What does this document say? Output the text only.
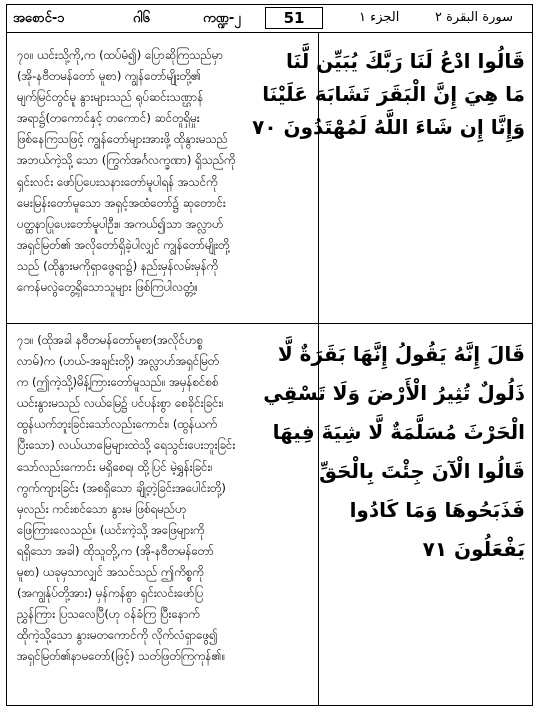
အစောင်-၁	ဂါ၆	ကဏ္ဍ-၂	51	الجزء ١	سورة البقرة ٢

၇၀။ ယင်းသို့ကို,က (ထပ်မံ၍) ပြောဆိုကြသည်မှာ

(အို-နဗီတမန်တော် မူစာ) ကျွန်တော်မျိုးတို့၏

မျက်မြင်တွင်မူ နွားများသည် ရုပ်ဆင်းသဏ္ဌာန်

အရာ၌(တကောင်နှင့် တကောင်) ဆင်တူရှိမှုး

ဖြစ်နေကြသဖြင့် ကျွန်တော်များအားဖို့ ထိုနွားမသည်

အဘယ်ကဲ့သို့ သော (ကြွက်အင်္ဂလက္ခဏာ) ရှိသည်ကို

ရှင်းလင်း ဖော်ပြပေးသနားတော်မူပါရန် အသင်ကို

မေးမြန်းတော်မူသော အရှင့်အထံတော်၌ ဆုတောင်း

ပတ္ထနာပြုပေးတော်မူပါဦး။ အကယ်၍သာ အလ္လာဟ်

အရှင်မြတ်၏ အလိုတော်ရှိခဲ့ပါလျှင် ကျွန်တော်မျိုးတို့

သည် (ထိုနွားမကိုရှာဖွေရာ၌) နည်းမှန်လမ်းမှန်ကို

ကေန်မလွဲတွေ့ရှိသောသူများ ဖြစ်ကြပါလတ္တံ့။

قَالُوا ادْعُ لَنَا رَبَّكَ يُبَيِّن لَّنَا

مَا هِيَ إِنَّ الْبَقَرَ تَشَابَهَ عَلَيْنَا

وَإِنَّا إِن شَاءَ اللَّهُ لَمُهْتَدُونَ ٧٠

၇၁။ (ထိုအခါ နဗီတမန်တော်မူစာ(အလိုင်ဟစ္စ

လာမ်)က (ဟယ်-အချင်းတို့) အလ္လာဟ်အရှင်မြတ်

က (ဤကဲ့သို့)မိန့်ကြားတော်မူသည်။ အမှန်စင်စစ်

ယင်းနွားမသည် လယ်မြေ၌ ပင်ပန်းစွာ စေခိုင်းခြင်း၊

ထွန်ယက်ဘူးခြင်းသော်လည်းကောင်း၊ (ထွန်ယက်

ပြီးသော) လယ်ယာမြေများထဲသို့ ရေသွင်းပေးဘူးခြင်း

သော်လည်းကောင်း မရှိစေရ၊ ထို့ပြင် မဲ့ရွှန်းခြင်း၊

ကွက်ကျားခြင်း (အစရှိသော ချို့တဲ့ခြင်းအပေါင်းတို့)

မှလည်း ကင်းစင်သော နွားမ ဖြစ်ရမည်ဟု

ဖြေကြားလေသည်။ (ယင်းကဲ့သို့ အဖြေများကို

ရရှိသော အခါ) ထိုသူတို့,က (အို-နဗီတမန်တော်

မူစာ) ယခုမှသာလျှင် အသင်သည် ဤကိစ္စကို

(အကျွန်ုပ်တို့အား) မှန်ကန်စွာ ရှင်းလင်းဖော်ပြ

ညွှန်ကြား ပြသလေပြီ(ဟု ဝန်ခံကြ ပြီးနောက်

ထိုကဲ့သို့သော နွားမတကောင်ကို လိုက်လံရှာဖွေ၍

အရှင်မြတ်၏နာမတော်(ဖြင့်) သတ်ဖြတ်ကြကုန်၏။

قَالَ إِنَّهُ يَقُولُ إِنَّهَا بَقَرَةٌ لَّا

ذَلُولٌ تُثِيرُ الْأَرْضَ وَلَا تَسْقِي

الْحَرْثَ مُسَلَّمَةٌ لَّا شِيَةَ فِيهَا

قَالُوا الْآنَ جِئْتَ بِالْحَقِّ

فَذَبَحُوهَا وَمَا كَادُوا

يَفْعَلُونَ ٧١
